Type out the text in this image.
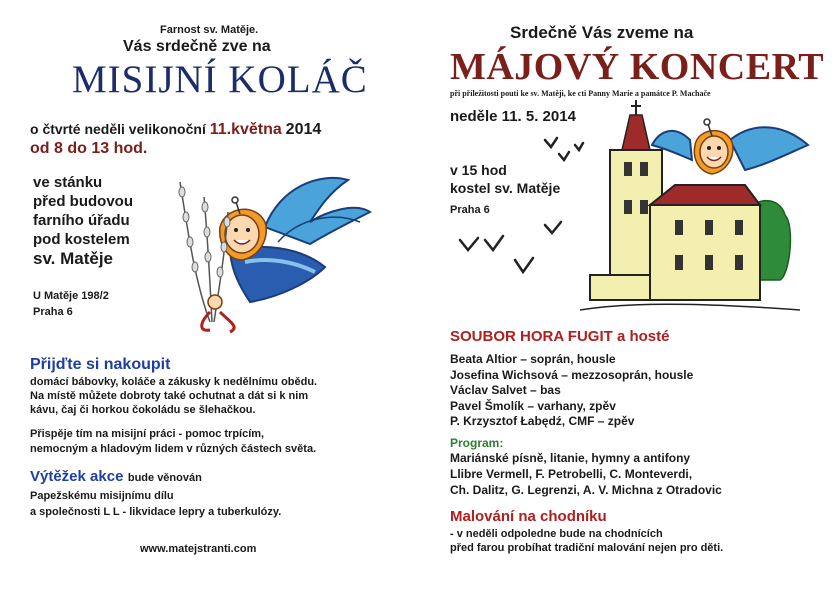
Farnost sv. Matěje.
Vás srdečně zve na
MISIJNÍ KOLÁČ
o čtvrté neděli velikonoční 11.května 2014
od 8 do 13 hod.
ve stánku
před budovou
farního úřadu
pod kostelem
sv. Matěje
U Matěje 198/2
Praha 6
Přijďte si nakoupit
domácí bábovky, koláče a zákusky k nedělnímu obědu.
Na místě můžete dobroty také ochutnat a dát si k nim
kávu, čaj či horkou čokoládu se šlehačkou.
Přispěje tím na misijní práci - pomoc trpícím,
nemocným a hladovým lidem v různých částech světa.
Výtěžek akce bude věnován
Papežskému misijnímu dílu
a společnosti L L - likvidace lepry a tuberkulózy.
www.matejstranti.com
Srdečně Vás zveme na
MÁJOVÝ KONCERT
při příležitosti pouti ke sv. Matěji, ke cti Panny Marie a památce P. Machače
neděle 11. 5. 2014
v 15 hod
kostel sv. Matěje
Praha 6
SOUBOR HORA FUGIT a hosté
Beata Altior – soprán, housle
Josefina Wichsová – mezzosoprán, housle
Václav Salvet – bas
Pavel Šmolík – varhany, zpěv
P. Krzysztof Łabędź, CMF – zpěv
Program:
Mariánské písně, litanie, hymny a antifony
Llibre Vermell, F. Petrobelli, C. Monteverdi,
Ch. Dalitz, G. Legrenzi, A. V. Michna z Otradovic
Malování na chodníku
- v neděli odpoledne bude na chodnících
před farou probíhat tradiční malování nejen pro děti.
